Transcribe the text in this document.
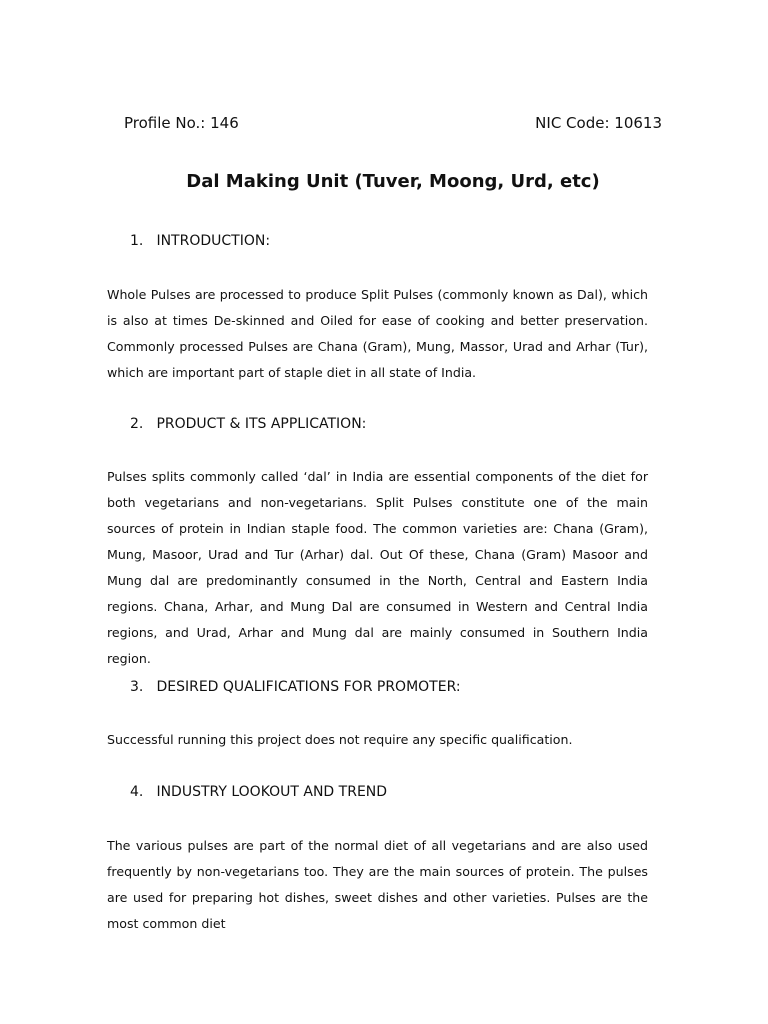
Profile No.: 146	NIC Code: 10613
Dal Making Unit (Tuver, Moong, Urd, etc)
1. INTRODUCTION:
Whole Pulses are processed to produce Split Pulses (commonly known as Dal), which is also at times De-skinned and Oiled for ease of cooking and better preservation. Commonly processed Pulses are Chana (Gram), Mung, Massor, Urad and Arhar (Tur), which are important part of staple diet in all state of India.
2. PRODUCT & ITS APPLICATION:
Pulses splits commonly called ‘dal’ in India are essential components of the diet for both vegetarians and non-vegetarians. Split Pulses constitute one of the main sources of protein in Indian staple food. The common varieties are: Chana (Gram), Mung, Masoor, Urad and Tur (Arhar) dal. Out Of these, Chana (Gram) Masoor and Mung dal are predominantly consumed in the North, Central and Eastern India regions. Chana, Arhar, and Mung Dal are consumed in Western and Central India regions, and Urad, Arhar and Mung dal are mainly consumed in Southern India region.
3. DESIRED QUALIFICATIONS FOR PROMOTER:
Successful running this project does not require any specific qualification.
4. INDUSTRY LOOKOUT AND TREND
The various pulses are part of the normal diet of all vegetarians and are also used frequently by non-vegetarians too. They are the main sources of protein. The pulses are used for preparing hot dishes, sweet dishes and other varieties. Pulses are the most common diet
